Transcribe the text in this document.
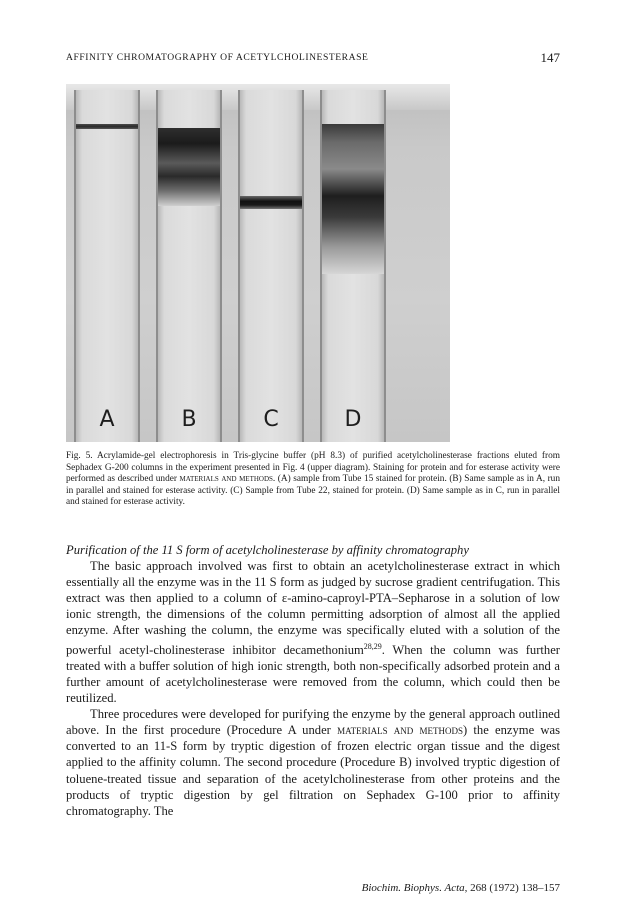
AFFINITY CHROMATOGRAPHY OF ACETYLCHOLINESTERASE	147
A	B	C	D
Fig. 5. Acrylamide-gel electrophoresis in Tris-glycine buffer (pH 8.3) of purified acetylcholinesterase fractions eluted from Sephadex G-200 columns in the experiment presented in Fig. 4 (upper diagram). Staining for protein and for esterase activity were performed as described under materials and methods. (A) sample from Tube 15 stained for protein. (B) Same sample as in A, run in parallel and stained for esterase activity. (C) Sample from Tube 22, stained for protein. (D) Same sample as in C, run in parallel and stained for esterase activity.

Purification of the 11 S form of acetylcholinesterase by affinity chromatography

The basic approach involved was first to obtain an acetylcholinesterase extract in which essentially all the enzyme was in the 11 S form as judged by sucrose gradient centrifugation. This extract was then applied to a column of ε-amino-caproyl-PTA–Sepharose in a solution of low ionic strength, the dimensions of the column permitting adsorption of almost all the applied enzyme. After washing the column, the enzyme was specifically eluted with a solution of the powerful acetyl-cholinesterase inhibitor decamethonium$^{28,29}$. When the column was further treated with a buffer solution of high ionic strength, both non-specifically adsorbed protein and a further amount of acetylcholinesterase were removed from the column, which could then be reutilized.

Three procedures were developed for purifying the enzyme by the general approach outlined above. In the first procedure (Procedure A under materials and methods) the enzyme was converted to an 11-S form by tryptic digestion of frozen electric organ tissue and the digest applied to the affinity column. The second procedure (Procedure B) involved tryptic digestion of toluene-treated tissue and separation of the acetylcholinesterase from other proteins and the products of tryptic digestion by gel filtration on Sephadex G-100 prior to affinity chromatography. The

Biochim. Biophys. Acta, 268 (1972) 138–157
